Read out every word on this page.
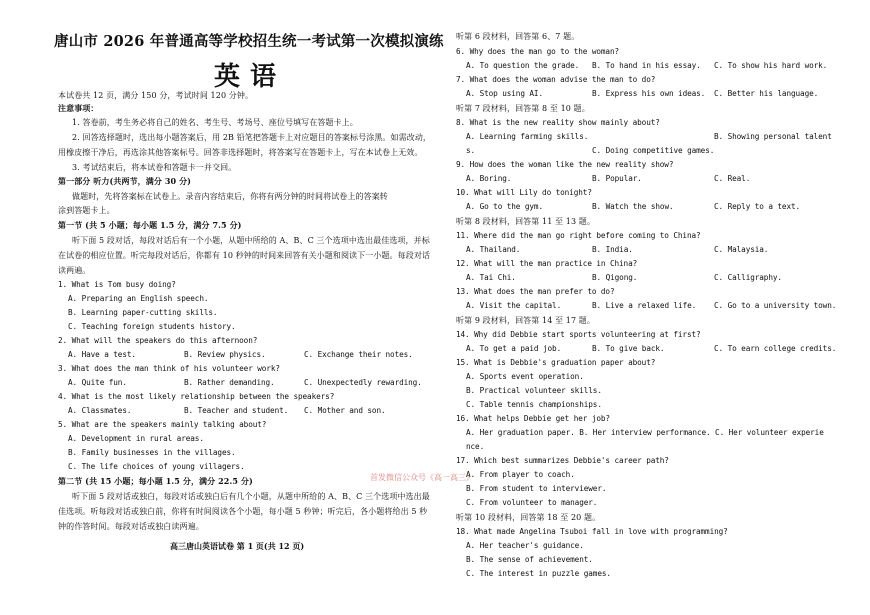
唐山市 2026 年普通高等学校招生统一考试第一次模拟演练
英语
本试卷共 12 页，满分 150 分，考试时间 120 分钟。
注意事项：
1. 答卷前，考生务必将自己的姓名、考生号、考场号、座位号填写在答题卡上。
2. 回答选择题时，选出每小题答案后，用 2B 铅笔把答题卡上对应题目的答案标号涂黑。如需改动，
用橡皮擦干净后，再选涂其他答案标号。回答非选择题时，将答案写在答题卡上，写在本试卷上无效。
3. 考试结束后，将本试卷和答题卡一并交回。
第一部分 听力(共两节，满分 30 分)
做题时，先将答案标在试卷上。录音内容结束后，你将有两分钟的时间将试卷上的答案转
涂到答题卡上。
第一节 (共 5 小题；每小题 1.5 分，满分 7.5 分)
听下面 5 段对话，每段对话后有一个小题，从题中所给的 A、B、C 三个选项中选出最佳选项，并标
在试卷的相应位置。听完每段对话后，你都有 10 秒钟的时间来回答有关小题和阅读下一小题。每段对话
读两遍。
1. What is Tom busy doing?
A. Preparing an English speech.
B. Learning paper-cutting skills.
C. Teaching foreign students history.
2. What will the speakers do this afternoon?
A. Have a test.	B. Review physics.	C. Exchange their notes.
3. What does the man think of his volunteer work?
A. Quite fun.	B. Rather demanding.	C. Unexpectedly rewarding.
4. What is the most likely relationship between the speakers?
A. Classmates.	B. Teacher and student. C. Mother and son.
5. What are the speakers mainly talking about?
A. Development in rural areas.
B. Family businesses in the villages.
C. The life choices of young villagers.
第二节 (共 15 小题；每小题 1.5 分，满分 22.5 分)
听下面 5 段对话或独白，每段对话或独白后有几个小题，从题中所给的 A、B、C 三个选项中选出最
佳选项。听每段对话或独白前，你将有时间阅读各个小题，每小题 5 秒钟；听完后，各小题将给出 5 秒
钟的作答时间。每段对话或独白读两遍。
高三唐山英语试卷 第 1 页(共 12 页)
听第 6 段材料，回答第 6、7 题。
6. Why does the man go to the woman?
A. To question the grade. B. To hand in his essay. C. To show his hard work.
7. What does the woman advise the man to do?
A. Stop using AI.	B. Express his own ideas. C. Better his language.
听第 7 段材料，回答第 8 至 10 题。
8. What is the new reality show mainly about?
A. Learning farming skills.	B. Showing personal talent
s.	C. Doing competitive games.
9. How does the woman like the new reality show?
A. Boring.	B. Popular.	C. Real.
10. What will Lily do tonight?
A. Go to the gym.	B. Watch the show.	C. Reply to a text.
听第 8 段材料，回答第 11 至 13 题。
11. Where did the man go right before coming to China?
A. Thailand.	B. India.	C. Malaysia.
12. What will the man practice in China?
A. Tai Chi.	B. Qigong.	C. Calligraphy.
13. What does the man prefer to do?
A. Visit the capital.	B. Live a relaxed life. C. Go to a university town.
听第 9 段材料，回答第 14 至 17 题。
14. Why did Debbie start sports volunteering at first?
A. To get a paid job.	B. To give back.	C. To earn college credits.
15. What is Debbie's graduation paper about?
A. Sports event operation.
B. Practical volunteer skills.
C. Table tennis championships.
16. What helps Debbie get her job?
A. Her graduation paper. B. Her interview performance. C. Her volunteer experie
nce.
17. Which best summarizes Debbie's career path?
A. From player to coach.
B. From student to interviewer.
C. From volunteer to manager.
听第 10 段材料，回答第 18 至 20 题。
18. What made Angelina Tsuboi fall in love with programming?
A. Her teacher's guidance.
B. The sense of achievement.
C. The interest in puzzle games.
首发微信公众号《高一高三》
